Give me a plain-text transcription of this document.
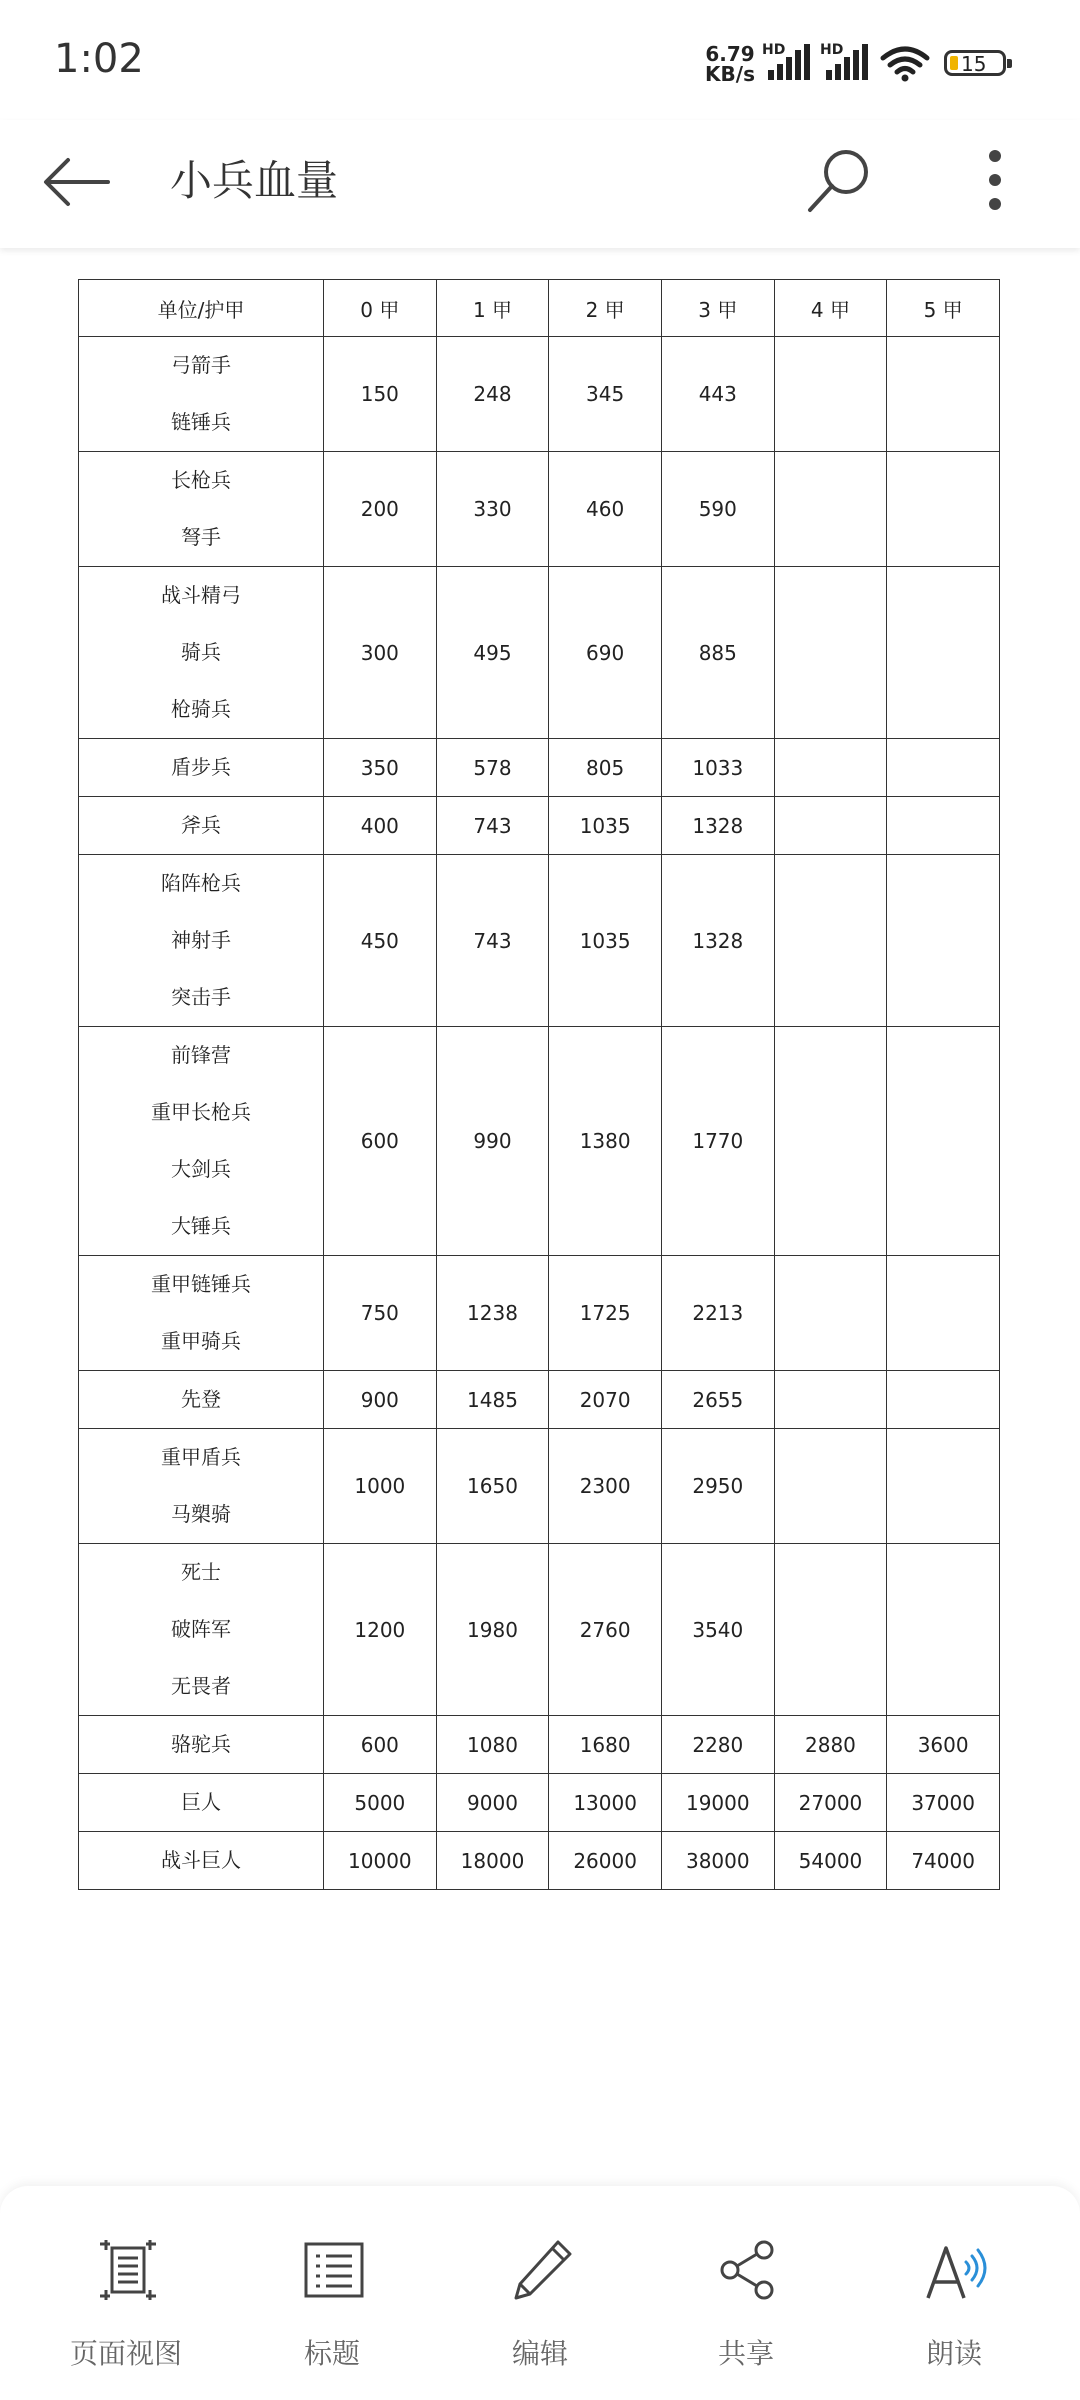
1:02	6.79
KB/s
HD HD
15
小兵血量
单位/护甲	0 甲	1 甲	2 甲	3 甲	4 甲	5 甲

弓箭手
链锤兵	150	248	345	443		

长枪兵
弩手	200	330	460	590		

战斗精弓
骑兵
枪骑兵	300	495	690	885		

盾步兵	350	578	805	1033		

斧兵	400	743	1035	1328		

陷阵枪兵
神射手
突击手	450	743	1035	1328		

前锋营
重甲长枪兵
大剑兵
大锤兵	600	990	1380	1770		

重甲链锤兵
重甲骑兵	750	1238	1725	2213		

先登	900	1485	2070	2655		

重甲盾兵
马槊骑	1000	1650	2300	2950		

死士
破阵军
无畏者	1200	1980	2760	3540		

骆驼兵	600	1080	1680	2280	2880	3600

巨人	5000	9000	13000	19000	27000	37000

战斗巨人	10000	18000	26000	38000	54000	74000
页面视图	标题	编辑	共享	朗读
